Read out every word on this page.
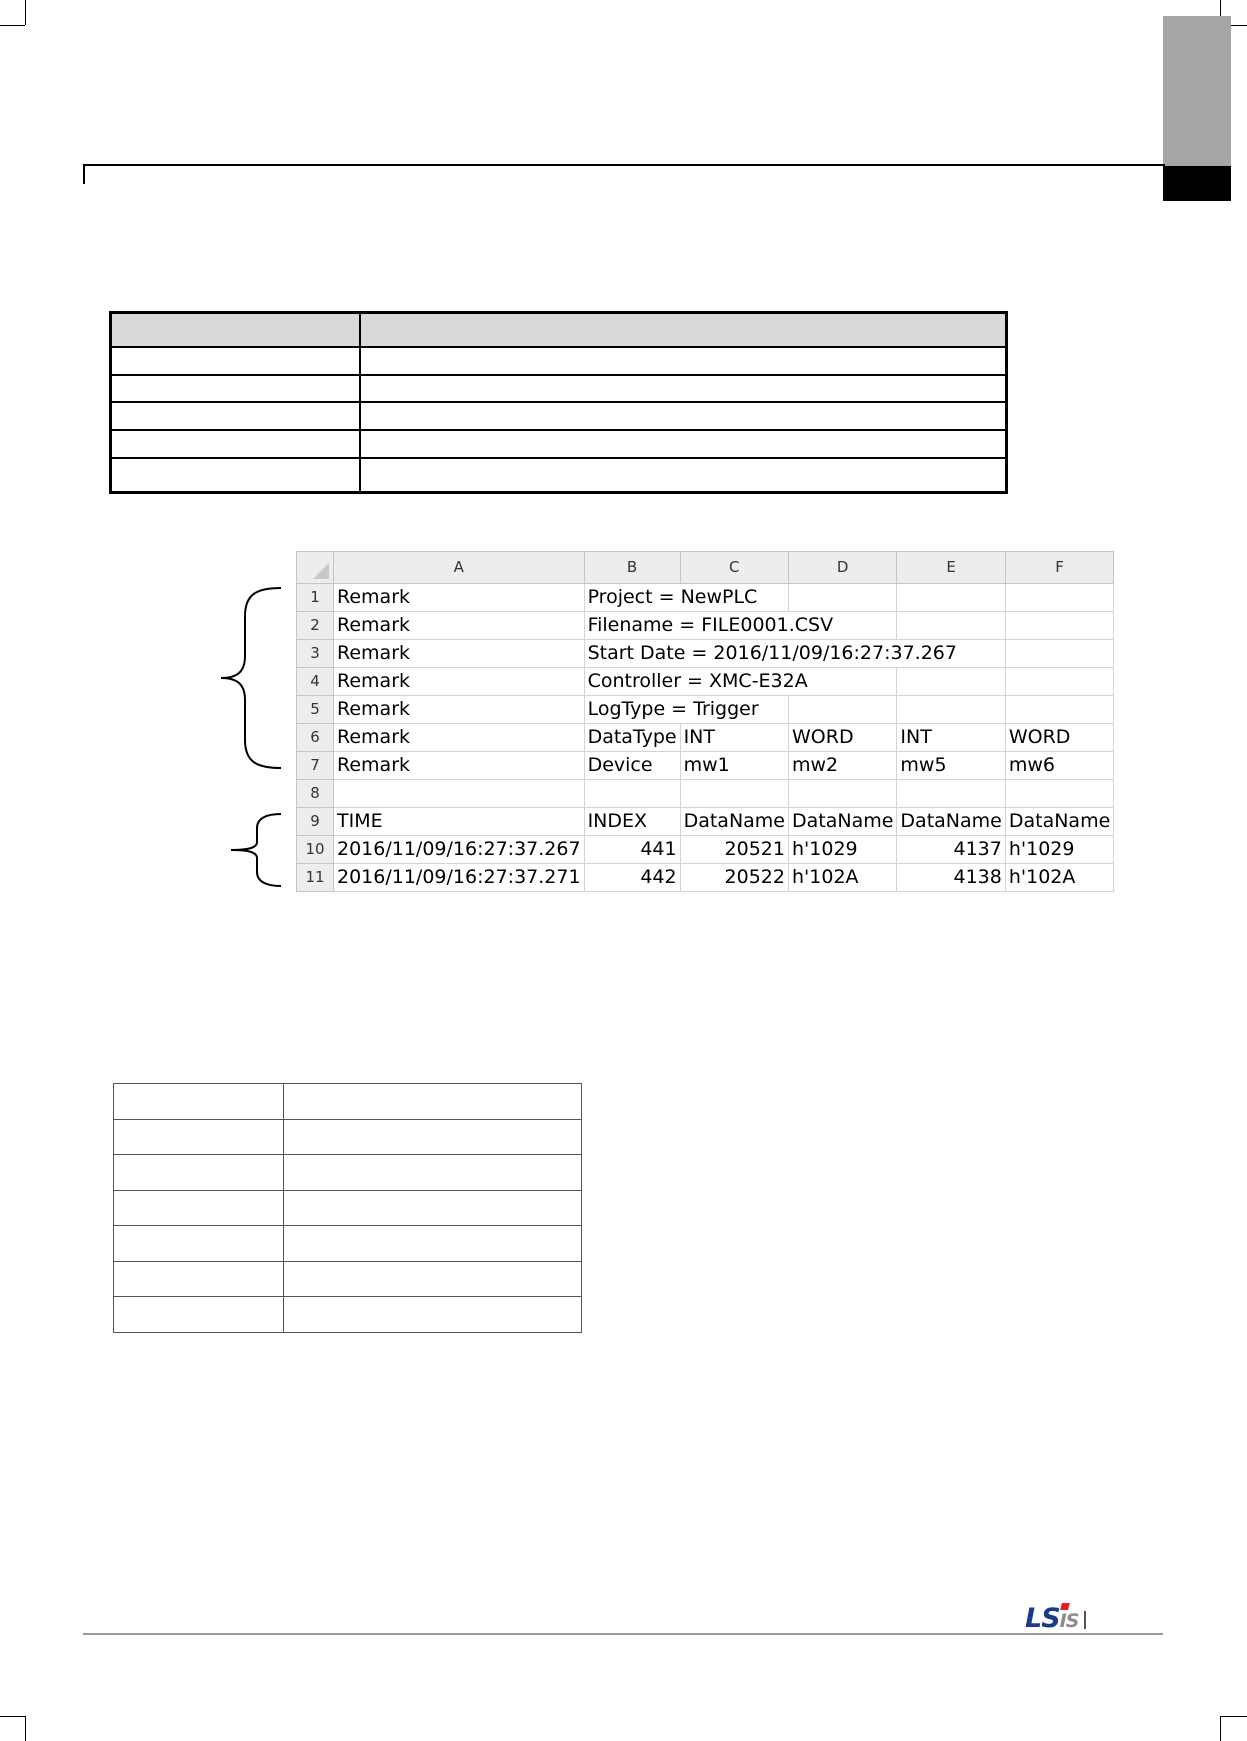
	A	B	C	D	E	F
1	Remark	Project = NewPLC				
2	Remark	Filename = FILE0001.CSV				
3	Remark	Start Date = 2016/11/09/16:27:37.267				
4	Remark	Controller = XMC-E32A				
5	Remark	LogType = Trigger				
6	Remark	DataType	INT	WORD	INT	WORD
7	Remark	Device	mw1	mw2	mw5	mw6
8						
9	TIME	INDEX	DataName	DataName	DataName	DataName
10	2016/11/09/16:27:37.267	441	20521	h'1029	4137	h'1029
11	2016/11/09/16:27:37.271	442	20522	h'102A	4138	h'102A

LSIS
